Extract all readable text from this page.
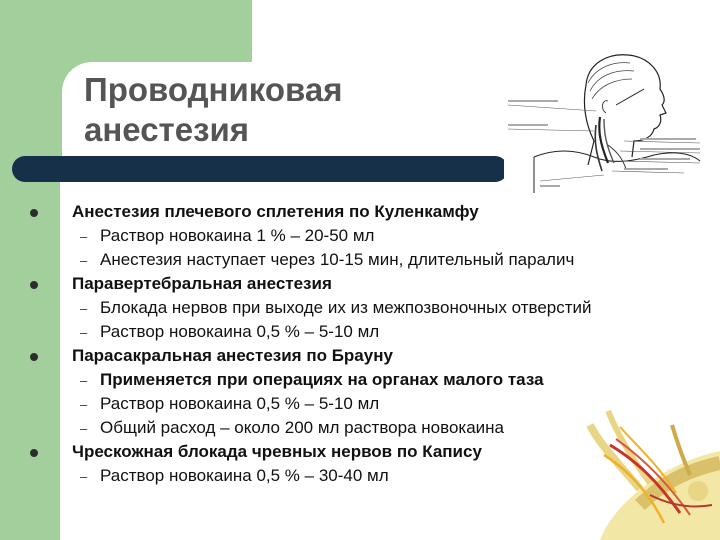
Проводниковая
анестезия
Анестезия плечевого сплетения по Куленкамфу
– Раствор новокаина 1 % – 20-50 мл
– Анестезия наступает через 10-15 мин, длительный паралич
Паравертебральная анестезия
– Блокада нервов при выходе их из межпозвоночных отверстий
– Раствор новокаина 0,5 % – 5-10 мл
Парасакральная анестезия по Брауну
– Применяется при операциях на органах малого таза
– Раствор новокаина 0,5 % – 5-10 мл
– Общий расход – около 200 мл раствора новокаина
Чрескожная блокада чревных нервов по Капису
– Раствор новокаина 0,5 % – 30-40 мл
